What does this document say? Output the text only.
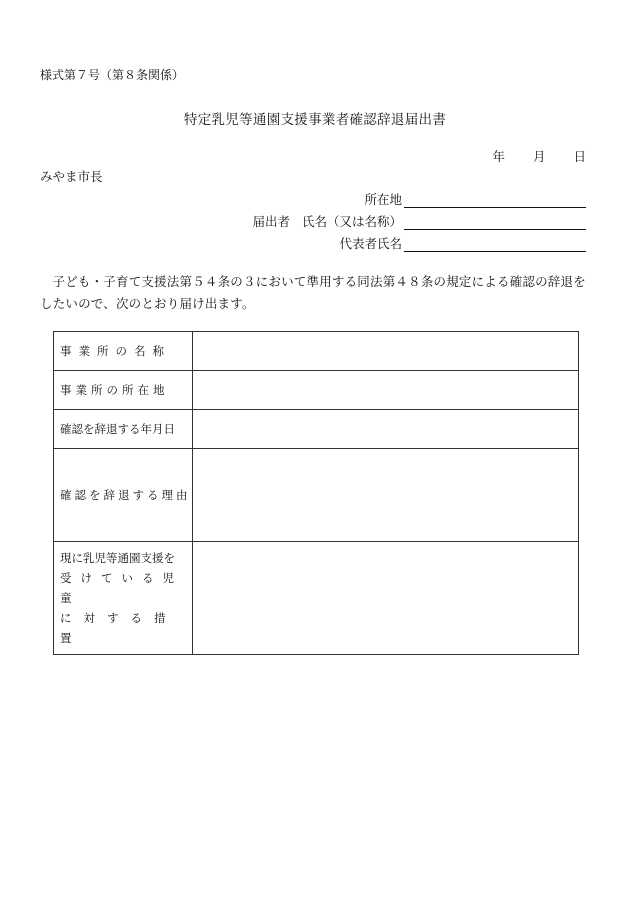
様式第７号（第８条関係）
特定乳児等通園支援事業者確認辞退届出書
年 月 日
みやま市長
所在地
届出者 氏名（又は名称）
代表者氏名
子ども・子育て支援法第５４条の３において準用する同法第４８条の規定による確認の辞退をしたいので、次のとおり届け出ます。
事業所の名称	
事業所の所在地	
確認を辞退する年月日	
確認を辞退する理由	

現に乳児等通園支援を
受けている児童
に対する措置	
